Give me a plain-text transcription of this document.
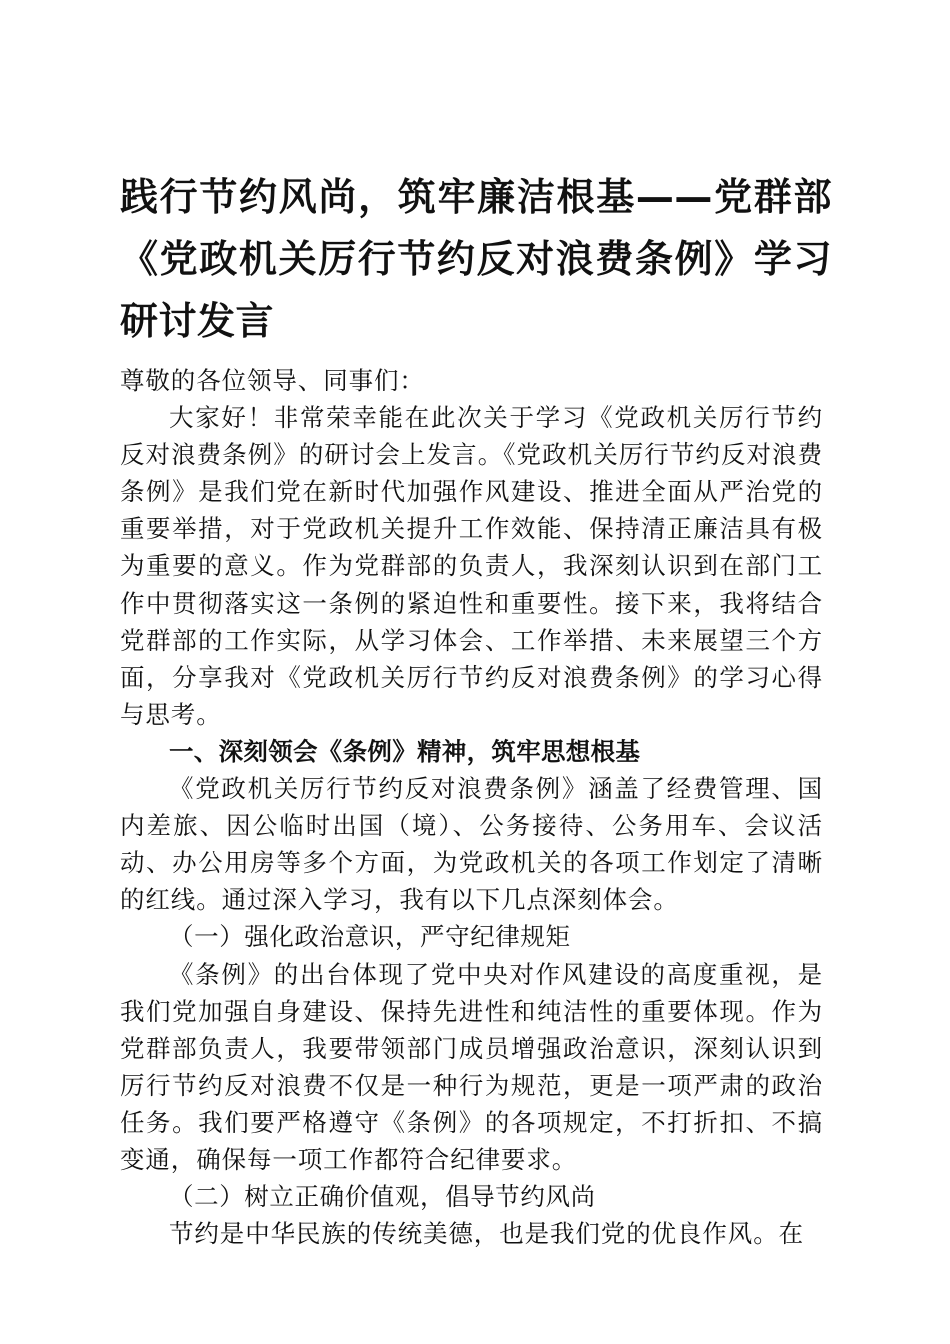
践行节约风尚，筑牢廉洁根基——党群部《党政机关厉行节约反对浪费条例》学习研讨发言

尊敬的各位领导、同事们：

大家好！非常荣幸能在此次关于学习《党政机关厉行节约反对浪费条例》的研讨会上发言。《党政机关厉行节约反对浪费条例》是我们党在新时代加强作风建设、推进全面从严治党的重要举措，对于党政机关提升工作效能、保持清正廉洁具有极为重要的意义。作为党群部的负责人，我深刻认识到在部门工作中贯彻落实这一条例的紧迫性和重要性。接下来，我将结合党群部的工作实际，从学习体会、工作举措、未来展望三个方面，分享我对《党政机关厉行节约反对浪费条例》的学习心得与思考。

一、深刻领会《条例》精神，筑牢思想根基

《党政机关厉行节约反对浪费条例》涵盖了经费管理、国内差旅、因公临时出国（境）、公务接待、公务用车、会议活动、办公用房等多个方面，为党政机关的各项工作划定了清晰的红线。通过深入学习，我有以下几点深刻体会。

（一）强化政治意识，严守纪律规矩

《条例》的出台体现了党中央对作风建设的高度重视，是我们党加强自身建设、保持先进性和纯洁性的重要体现。作为党群部负责人，我要带领部门成员增强政治意识，深刻认识到厉行节约反对浪费不仅是一种行为规范，更是一项严肃的政治任务。我们要严格遵守《条例》的各项规定，不打折扣、不搞变通，确保每一项工作都符合纪律要求。

（二）树立正确价值观，倡导节约风尚

节约是中华民族的传统美德，也是我们党的优良作风。在
